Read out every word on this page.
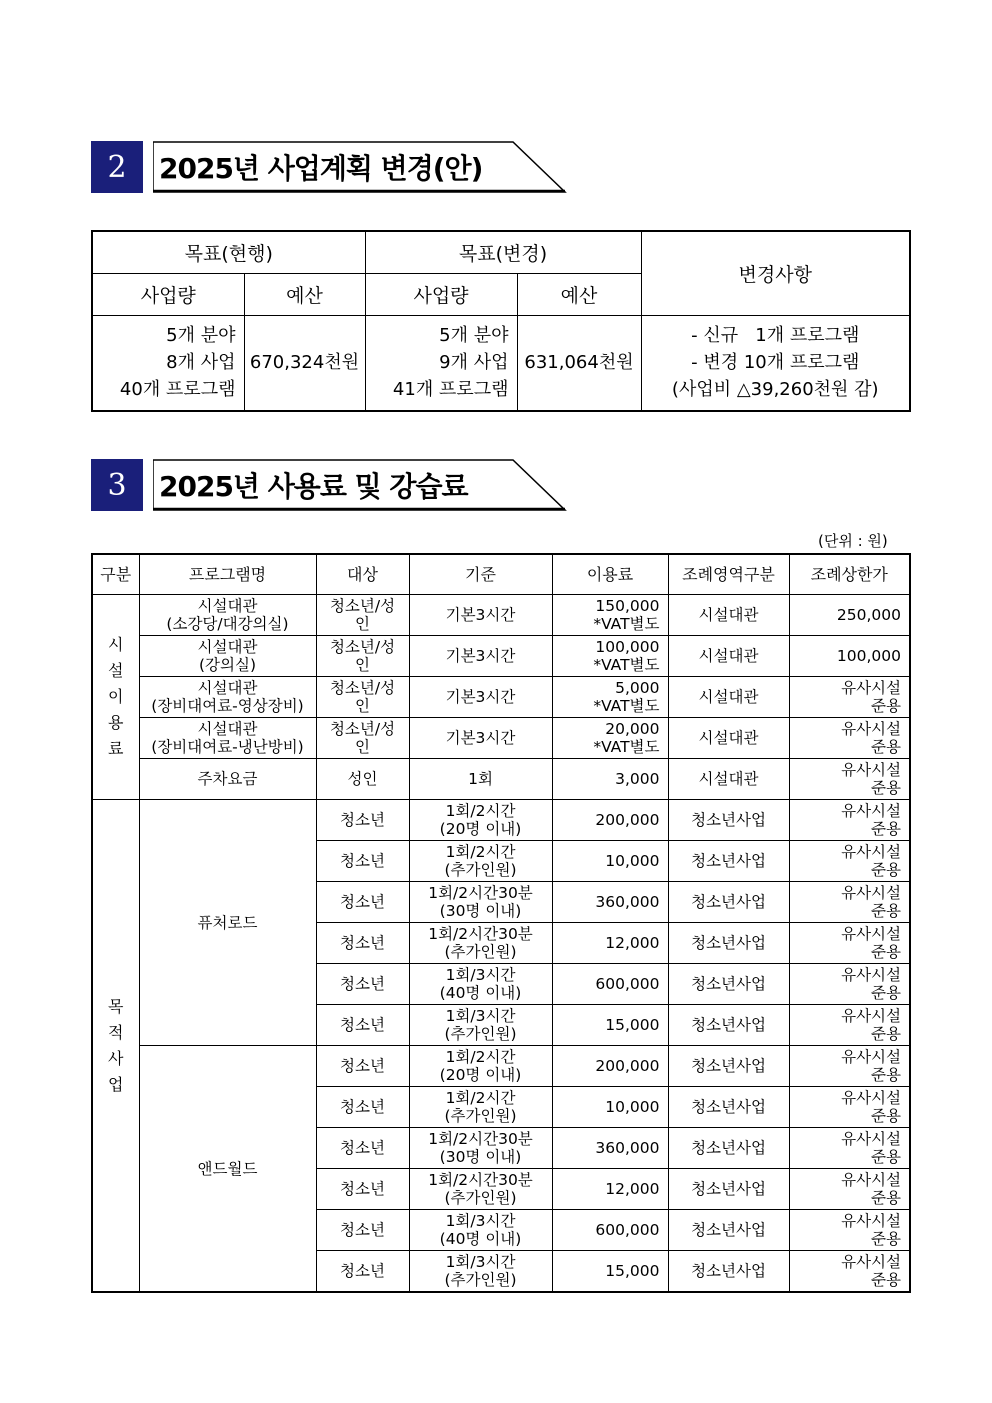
2	2025년 사업계획 변경(안)
목표(현행)		목표(변경)		변경사항
사업량	예산	사업량	예산	

5개 분야
8개 사업
40개 프로그램	670,324천원	5개 분야
9개 사업
41개 프로그램	631,064천원	- 신규   1개 프로그램
- 변경 10개 프로그램
(사업비 △39,260천원 감)
3	2025년 사용료 및 강습료
(단위 : 원)
구분	프로그램명	대상	기준	이용료	조례영역구분	조례상한가

시
설
이
용
료	시설대관
(소강당/대강의실)	청소년/성
인	기본3시간	150,000
*VAT별도	시설대관	250,000

	시설대관
(강의실)	청소년/성
인	기본3시간	100,000
*VAT별도	시설대관	100,000

	시설대관
(장비대여료-영상장비)	청소년/성
인	기본3시간	5,000
*VAT별도	시설대관	유사시설
준용

	시설대관
(장비대여료-냉난방비)	청소년/성
인	기본3시간	20,000
*VAT별도	시설대관	유사시설
준용

	주차요금	성인	1회	3,000	시설대관	유사시설
준용

목
적
사
업	퓨처로드	청소년	1회/2시간
(20명 이내)	200,000	청소년사업	유사시설
준용

		청소년	1회/2시간
(추가인원)	10,000	청소년사업	유사시설
준용

		청소년	1회/2시간30분
(30명 이내)	360,000	청소년사업	유사시설
준용

		청소년	1회/2시간30분
(추가인원)	12,000	청소년사업	유사시설
준용

		청소년	1회/3시간
(40명 이내)	600,000	청소년사업	유사시설
준용

		청소년	1회/3시간
(추가인원)	15,000	청소년사업	유사시설
준용

	앤드월드	청소년	1회/2시간
(20명 이내)	200,000	청소년사업	유사시설
준용

		청소년	1회/2시간
(추가인원)	10,000	청소년사업	유사시설
준용

		청소년	1회/2시간30분
(30명 이내)	360,000	청소년사업	유사시설
준용

		청소년	1회/2시간30분
(추가인원)	12,000	청소년사업	유사시설
준용

		청소년	1회/3시간
(40명 이내)	600,000	청소년사업	유사시설
준용

		청소년	1회/3시간
(추가인원)	15,000	청소년사업	유사시설
준용
